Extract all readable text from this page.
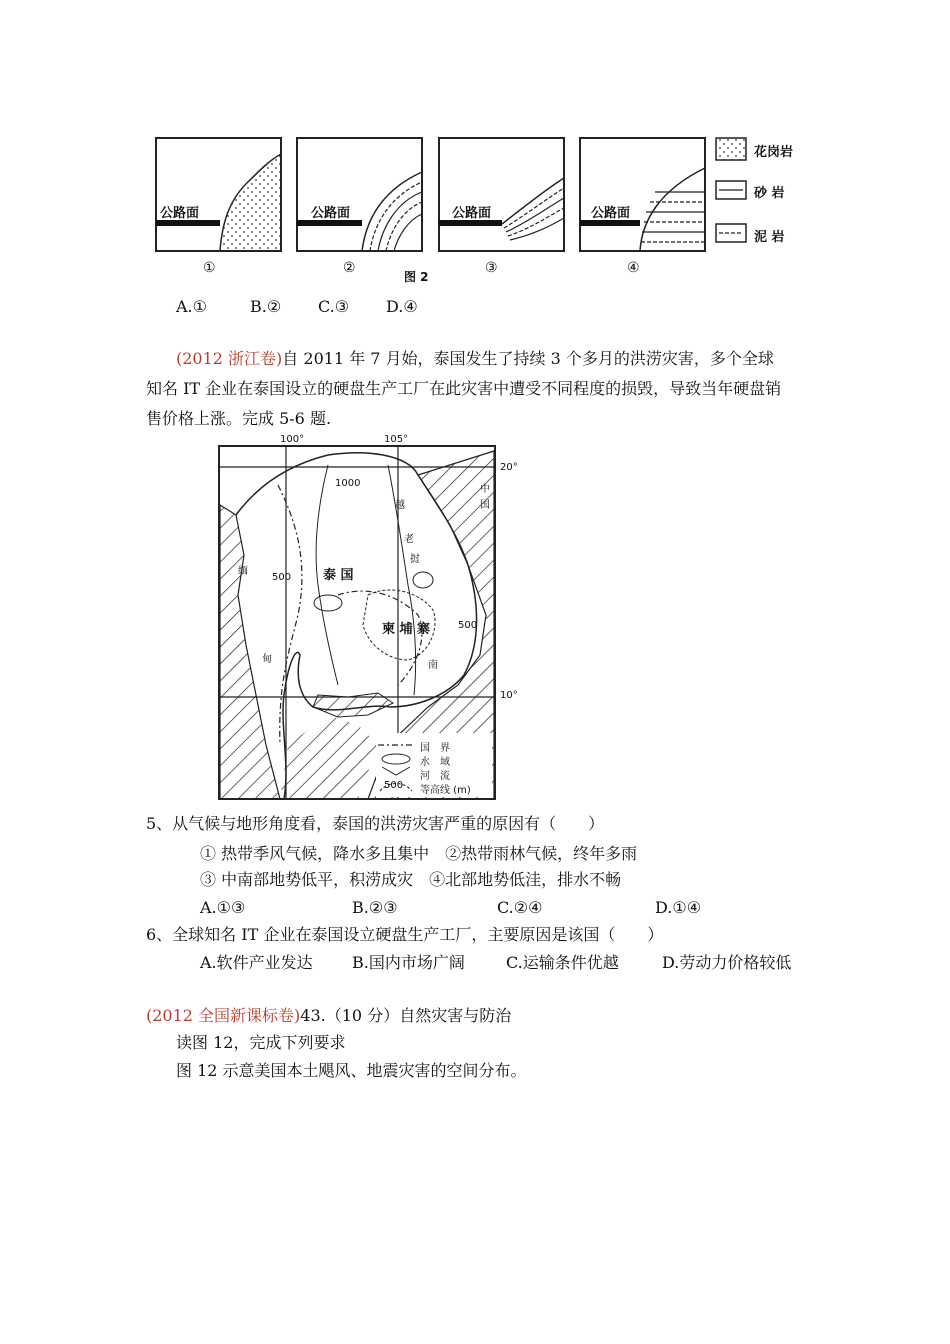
公路面	公路面	公路面	公路面
花岗岩
砂 岩
泥 岩
①	②	③	④
图 2
A.①	B.② C.③ D.④
(2012 浙江卷)自 2011 年 7 月始，泰国发生了持续 3 个多月的洪涝灾害，多个全球
知名 IT 企业在泰国设立的硬盘生产工厂在此灾害中遭受不同程度的损毁，导致当年硬盘销
售价格上涨。完成 5-6 题.
100°	105°
20°
10°
泰 国
柬 埔 寨
缅
甸
老
挝
越
南
中
国
1000
500
500
国　界
水　域
河　流
500 等高线 (m)
5、从气候与地形角度看，泰国的洪涝灾害严重的原因有（　　）
① 热带季风气候，降水多且集中　②热带雨林气候，终年多雨
③ 中南部地势低平，积涝成灾　④北部地势低洼，排水不畅
A.①③	B.②③	C.②④	D.①④
6、全球知名 IT 企业在泰国设立硬盘生产工厂，主要原因是该国（　　）
A.软件产业发达 B.国内市场广阔	C.运输条件优越	D.劳动力价格较低
(2012 全国新课标卷)43.（10 分）自然灾害与防治
读图 12，完成下列要求
图 12 示意美国本土飓风、地震灾害的空间分布。
